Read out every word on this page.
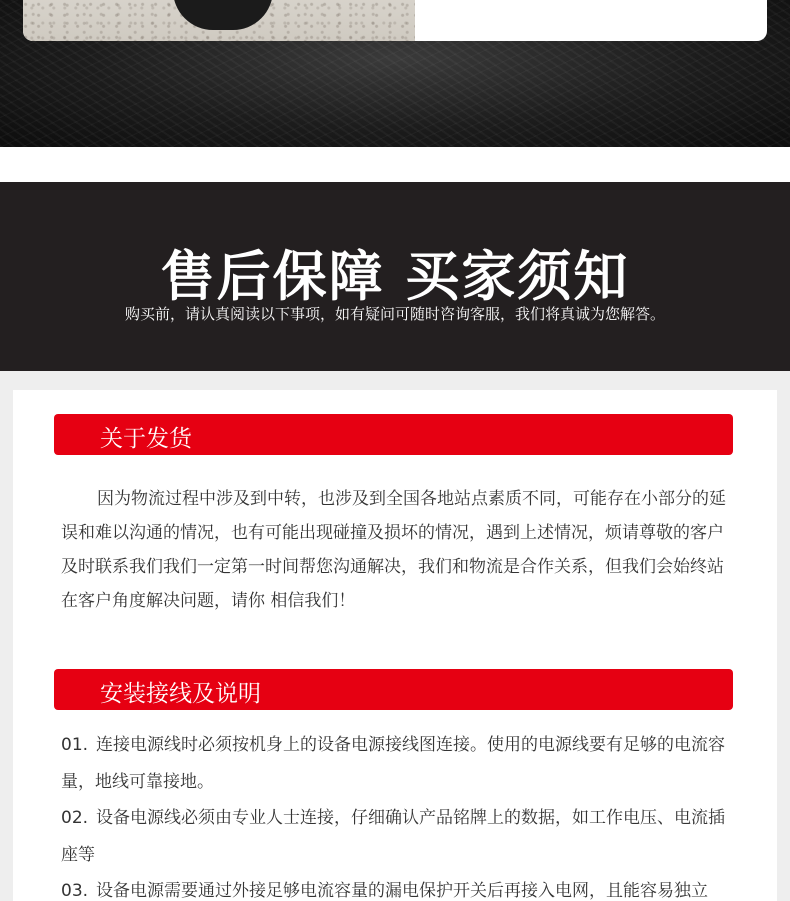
售后保障 买家须知
购买前，请认真阅读以下事项，如有疑问可随时咨询客服，我们将真诚为您解答。
关于发货

因为物流过程中涉及到中转，也涉及到全国各地站点素质不同，可能存在小部分的延误和难以沟通的情况，也有可能出现碰撞及损坏的情况，遇到上述情况，烦请尊敬的客户及时联系我们我们一定第一时间帮您沟通解决，我们和物流是合作关系，但我们会始终站在客户角度解决问题，请你 相信我们！

安装接线及说明

01. 连接电源线时必须按机身上的设备电源接线图连接。使用的电源线要有足够的电流容量，地线可靠接地。

02. 设备电源线必须由专业人士连接，仔细确认产品铭牌上的数据，如工作电压、电流插座等

03. 设备电源需要通过外接足够电流容量的漏电保护开关后再接入电网，且能容易独立
